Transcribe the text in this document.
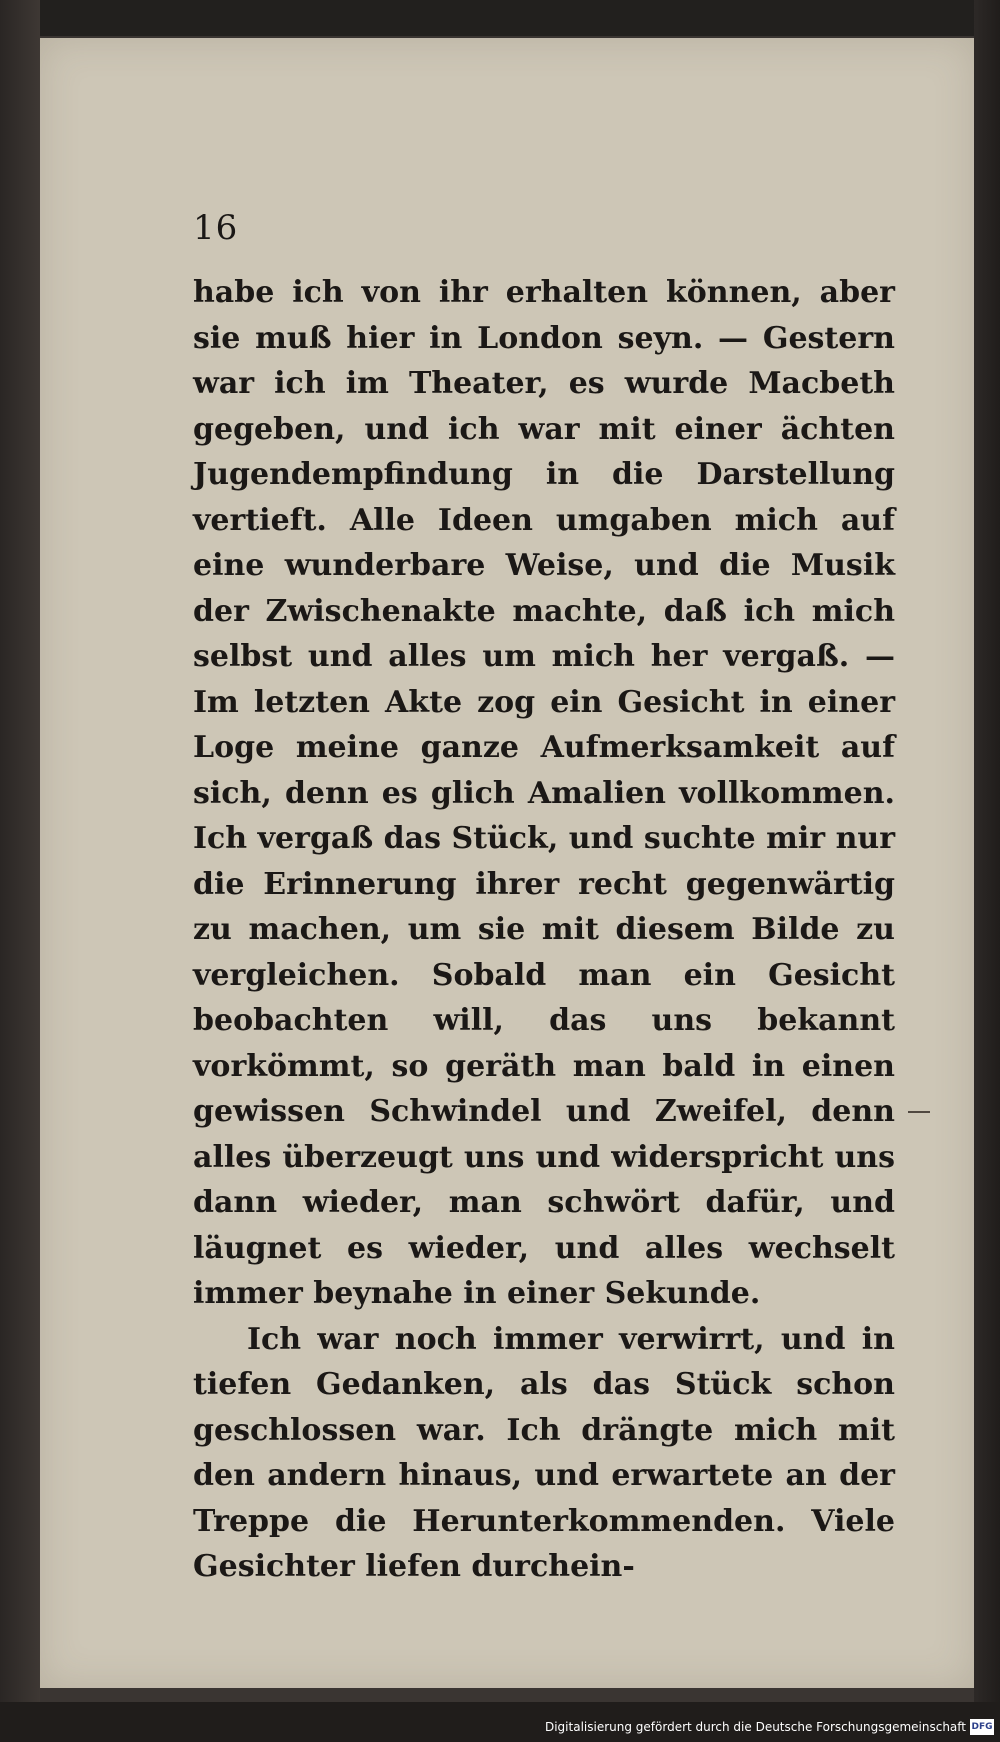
16

habe ich von ihr erhalten können, aber sie muß hier in London seyn. — Gestern war ich im Theater, es wurde Macbeth gegeben, und ich war mit einer ächten Jugendempfindung in die Darstellung vertieft. Alle Ideen umgaben mich auf eine wunderbare Weise, und die Musik der Zwischenakte machte, daß ich mich selbst und alles um mich her vergaß. — Im letzten Akte zog ein Gesicht in einer Loge meine ganze Aufmerksamkeit auf sich, denn es glich Amalien vollkommen. Ich vergaß das Stück, und suchte mir nur die Erinnerung ihrer recht gegenwärtig zu machen, um sie mit diesem Bilde zu vergleichen. Sobald man ein Gesicht beobachten will, das uns bekannt vorkömmt, so geräth man bald in einen gewissen Schwindel und Zweifel, denn alles überzeugt uns und widerspricht uns dann wieder, man schwört dafür, und läugnet es wieder, und alles wechselt immer beynahe in einer Sekunde.

Ich war noch immer verwirrt, und in tiefen Gedanken, als das Stück schon geschlossen war. Ich drängte mich mit den andern hinaus, und erwartete an der Treppe die Herunterkommenden. Viele Gesichter liefen durchein-

Digitalisierung gefördert durch die Deutsche Forschungsgemeinschaft DFG
